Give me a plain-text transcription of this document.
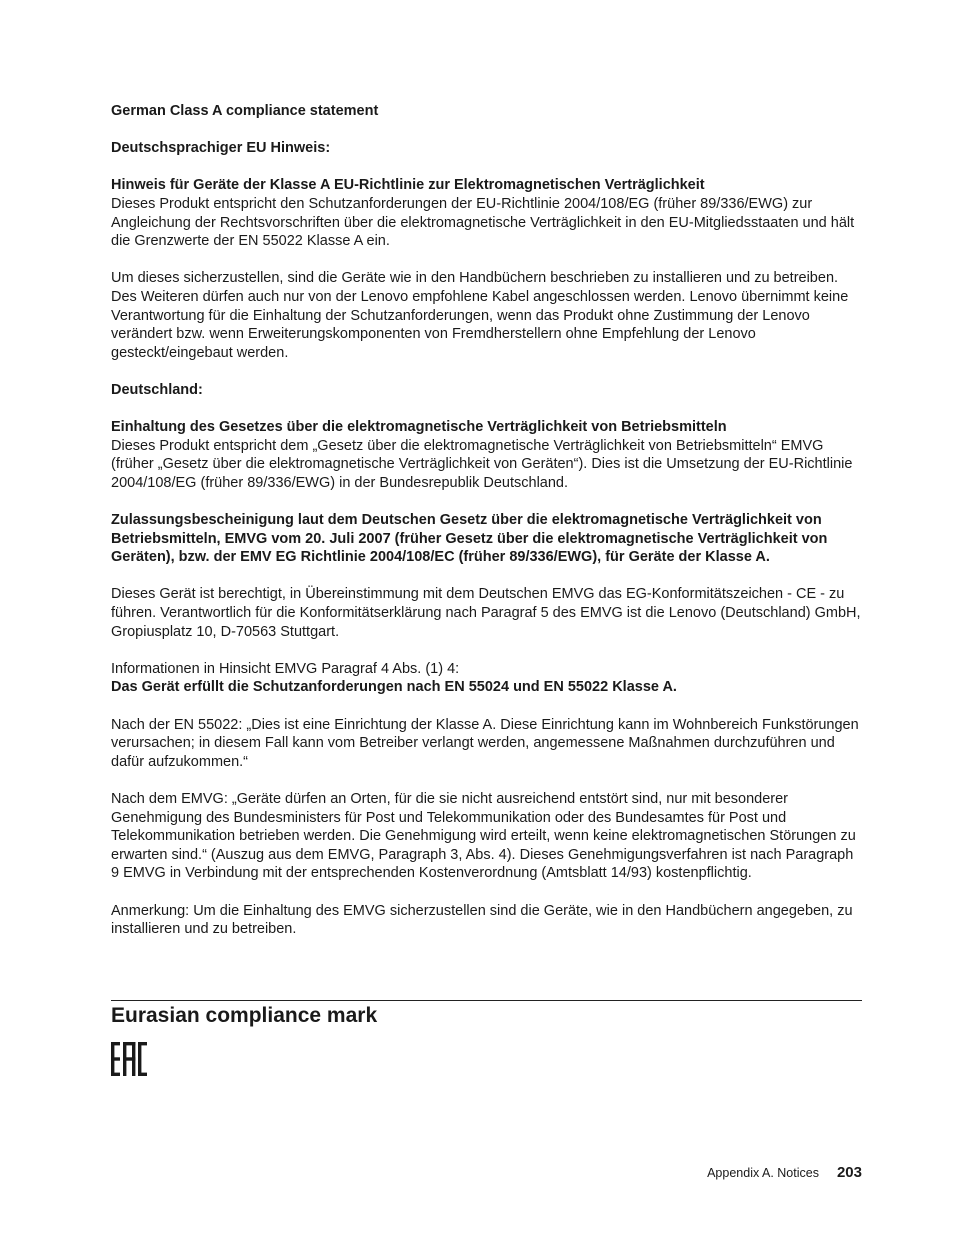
German Class A compliance statement
Deutschsprachiger EU Hinweis:
Hinweis für Geräte der Klasse A EU-Richtlinie zur Elektromagnetischen Verträglichkeit
Dieses Produkt entspricht den Schutzanforderungen der EU-Richtlinie 2004/108/EG (früher 89/336/EWG) zur Angleichung der Rechtsvorschriften über die elektromagnetische Verträglichkeit in den EU-Mitgliedsstaaten und hält die Grenzwerte der EN 55022 Klasse A ein.
Um dieses sicherzustellen, sind die Geräte wie in den Handbüchern beschrieben zu installieren und zu betreiben. Des Weiteren dürfen auch nur von der Lenovo empfohlene Kabel angeschlossen werden. Lenovo übernimmt keine Verantwortung für die Einhaltung der Schutzanforderungen, wenn das Produkt ohne Zustimmung der Lenovo verändert bzw. wenn Erweiterungskomponenten von Fremdherstellern ohne Empfehlung der Lenovo gesteckt/eingebaut werden.
Deutschland:
Einhaltung des Gesetzes über die elektromagnetische Verträglichkeit von Betriebsmitteln
Dieses Produkt entspricht dem „Gesetz über die elektromagnetische Verträglichkeit von Betriebsmitteln“ EMVG (früher „Gesetz über die elektromagnetische Verträglichkeit von Geräten“). Dies ist die Umsetzung der EU-Richtlinie 2004/108/EG (früher 89/336/EWG) in der Bundesrepublik Deutschland.
Zulassungsbescheinigung laut dem Deutschen Gesetz über die elektromagnetische Verträglichkeit von Betriebsmitteln, EMVG vom 20. Juli 2007 (früher Gesetz über die elektromagnetische Verträglichkeit von Geräten), bzw. der EMV EG Richtlinie 2004/108/EC (früher 89/336/EWG), für Geräte der Klasse A.
Dieses Gerät ist berechtigt, in Übereinstimmung mit dem Deutschen EMVG das EG-Konformitätszeichen - CE - zu führen. Verantwortlich für die Konformitätserklärung nach Paragraf 5 des EMVG ist die Lenovo (Deutschland) GmbH, Gropiusplatz 10, D-70563 Stuttgart.
Informationen in Hinsicht EMVG Paragraf 4 Abs. (1) 4:
Das Gerät erfüllt die Schutzanforderungen nach EN 55024 und EN 55022 Klasse A.
Nach der EN 55022: „Dies ist eine Einrichtung der Klasse A. Diese Einrichtung kann im Wohnbereich Funkstörungen verursachen; in diesem Fall kann vom Betreiber verlangt werden, angemessene Maßnahmen durchzuführen und dafür aufzukommen.“
Nach dem EMVG: „Geräte dürfen an Orten, für die sie nicht ausreichend entstört sind, nur mit besonderer Genehmigung des Bundesministers für Post und Telekommunikation oder des Bundesamtes für Post und Telekommunikation betrieben werden. Die Genehmigung wird erteilt, wenn keine elektromagnetischen Störungen zu erwarten sind.“ (Auszug aus dem EMVG, Paragraph 3, Abs. 4). Dieses Genehmigungsverfahren ist nach Paragraph 9 EMVG in Verbindung mit der entsprechenden Kostenverordnung (Amtsblatt 14/93) kostenpflichtig.
Anmerkung: Um die Einhaltung des EMVG sicherzustellen sind die Geräte, wie in den Handbüchern angegeben, zu installieren und zu betreiben.
Eurasian compliance mark
Appendix A. Notices 203
